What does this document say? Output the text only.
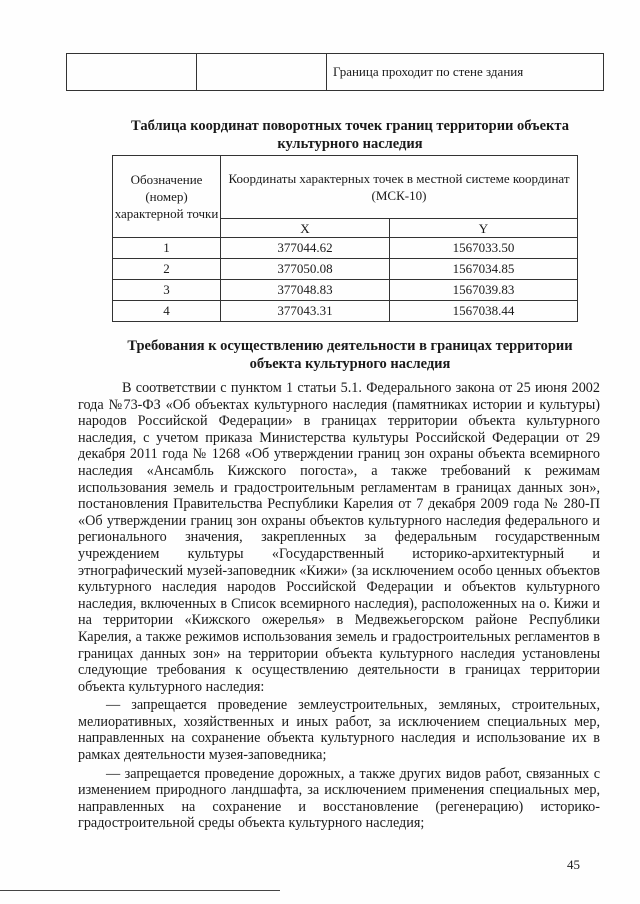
		Граница проходит по стене здания
Таблица координат поворотных точек границ территории объекта культурного наследия
Обозначение (номер) характерной точки	Координаты характерных точек в местной системе координат (МСК-10)	
	X	Y
1	377044.62	1567033.50
2	377050.08	1567034.85
3	377048.83	1567039.83
4	377043.31	1567038.44
Требования к осуществлению деятельности в границах территории объекта культурного наследия

В соответствии с пунктом 1 статьи 5.1. Федерального закона от 25 июня 2002 года №73-ФЗ «Об объектах культурного наследия (памятниках истории и культуры) народов Российской Федерации» в границах территории объекта культурного наследия, с учетом приказа Министерства культуры Российской Федерации от 29 декабря 2011 года № 1268 «Об утверждении границ зон охраны объекта всемирного наследия «Ансамбль Кижского погоста», а также требований к режимам использования земель и градостроительным регламентам в границах данных зон», постановления Правительства Республики Карелия от 7 декабря 2009 года № 280-П «Об утверждении границ зон охраны объектов культурного наследия федерального и регионального значения, закрепленных за федеральным государственным учреждением культуры «Государственный историко-архитектурный и этнографический музей-заповедник «Кижи» (за исключением особо ценных объектов культурного наследия народов Российской Федерации и объектов культурного наследия, включенных в Список всемирного наследия), расположенных на о. Кижи и на территории «Кижского ожерелья» в Медвежьегорском районе Республики Карелия, а также режимов использования земель и градостроительных регламентов в границах данных зон» на территории объекта культурного наследия установлены следующие требования к осуществлению деятельности в границах территории объекта культурного наследия:

— запрещается проведение землеустроительных, земляных, строительных, мелиоративных, хозяйственных и иных работ, за исключением специальных мер, направленных на сохранение объекта культурного наследия и использование их в рамках деятельности музея-заповедника;

— запрещается проведение дорожных, а также других видов работ, связанных с изменением природного ландшафта, за исключением применения специальных мер, направленных на сохранение и восстановление (регенерацию) историко-градостроительной среды объекта культурного наследия;

45
